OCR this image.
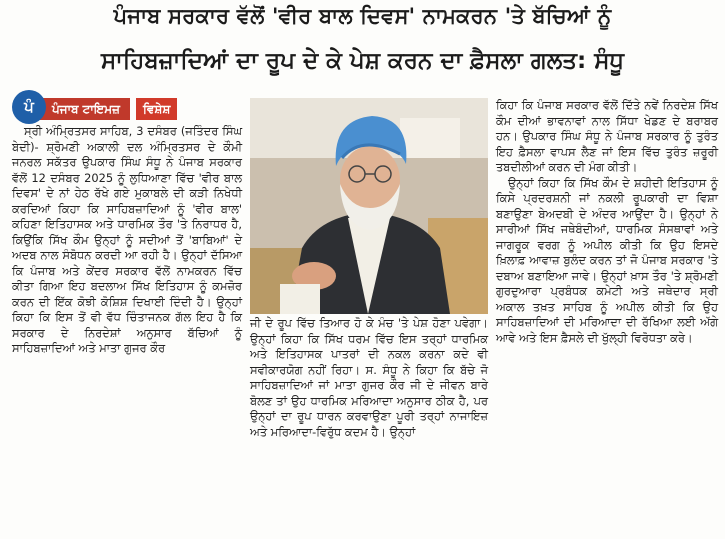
ਪੰਜਾਬ ਸਰਕਾਰ ਵੱਲੋਂ 'ਵੀਰ ਬਾਲ ਦਿਵਸ' ਨਾਮਕਰਨ 'ਤੇ ਬੱਚਿਆਂ ਨੂੰ
ਸਾਹਿਬਜ਼ਾਦਿਆਂ ਦਾ ਰੂਪ ਦੇ ਕੇ ਪੇਸ਼ ਕਰਨ ਦਾ ਫ਼ੈਸਲਾ ਗਲਤ: ਸੰਧੂ
ਪੰ	ਪੰਜਾਬ ਟਾਇਮਜ਼	ਵਿਸ਼ੇਸ਼

ਸ੍ਰੀ ਅੰਮ੍ਰਿਤਸਰ ਸਾਹਿਬ, 3 ਦਸੰਬਰ (ਜਤਿੰਦਰ ਸਿੰਘ ਬੇਦੀ)- ਸ਼੍ਰੋਮਣੀ ਅਕਾਲੀ ਦਲ ਅੰਮ੍ਰਿਤਸਰ ਦੇ ਕੌਮੀ ਜਨਰਲ ਸਕੱਤਰ ਉਪਕਾਰ ਸਿੰਘ ਸੰਧੂ ਨੇ ਪੰਜਾਬ ਸਰਕਾਰ ਵੱਲੋਂ 12 ਦਸੰਬਰ 2025 ਨੂੰ ਲੁਧਿਆਣਾ ਵਿੱਚ 'ਵੀਰ ਬਾਲ ਦਿਵਸ' ਦੇ ਨਾਂ ਹੇਠ ਰੱਖੇ ਗਏ ਮੁਕਾਬਲੇ ਦੀ ਕੜੀ ਨਿਖੇਧੀ ਕਰਦਿਆਂ ਕਿਹਾ ਕਿ ਸਾਹਿਬਜ਼ਾਦਿਆਂ ਨੂੰ 'ਵੀਰ ਬਾਲ' ਕਹਿਣਾ ਇਤਿਹਾਸਕ ਅਤੇ ਧਾਰਮਿਕ ਤੌਰ 'ਤੇ ਨਿਰਾਧਰ ਹੈ, ਕਿਉਂਕਿ ਸਿੱਖ ਕੌਮ ਉਨ੍ਹਾਂ ਨੂੰ ਸਦੀਆਂ ਤੋਂ 'ਬਾਬਿਆਂ' ਦੇ ਅਦਬ ਨਾਲ ਸੰਬੋਧਨ ਕਰਦੀ ਆ ਰਹੀ ਹੈ। ਉਨ੍ਹਾਂ ਦੱਸਿਆ ਕਿ ਪੰਜਾਬ ਅਤੇ ਕੇਂਦਰ ਸਰਕਾਰ ਵੱਲੋਂ ਨਾਮਕਰਨ ਵਿੱਚ ਕੀਤਾ ਗਿਆ ਇਹ ਬਦਲਾਅ ਸਿੱਖ ਇਤਿਹਾਸ ਨੂੰ ਕਮਜ਼ੋਰ ਕਰਨ ਦੀ ਇੱਕ ਕੋਝੀ ਕੋਸ਼ਿਸ਼ ਦਿਖਾਈ ਦਿੰਦੀ ਹੈ। ਉਨ੍ਹਾਂ ਕਿਹਾ ਕਿ ਇਸ ਤੋਂ ਵੀ ਵੱਧ ਚਿੰਤਾਜਨਕ ਗੱਲ ਇਹ ਹੈ ਕਿ ਸਰਕਾਰ ਦੇ ਨਿਰਦੇਸ਼ਾਂ ਅਨੁਸਾਰ ਬੱਚਿਆਂ ਨੂੰ ਸਾਹਿਬਜ਼ਾਦਿਆਂ ਅਤੇ ਮਾਤਾ ਗੁਜਰ ਕੌਰ

ਜੀ ਦੇ ਰੂਪ ਵਿੱਚ ਤਿਆਰ ਹੋ ਕੇ ਮੰਚ 'ਤੇ ਪੇਸ਼ ਹੋਣਾ ਪਵੇਗਾ। ਉਨ੍ਹਾਂ ਕਿਹਾ ਕਿ ਸਿੱਖ ਧਰਮ ਵਿੱਚ ਇਸ ਤਰ੍ਹਾਂ ਧਾਰਮਿਕ ਅਤੇ ਇਤਿਹਾਸਕ ਪਾਤਰਾਂ ਦੀ ਨਕਲ ਕਰਨਾ ਕਦੇ ਵੀ ਸਵੀਕਾਰਯੋਗ ਨਹੀਂ ਰਿਹਾ। ਸ. ਸੰਧੂ ਨੇ ਕਿਹਾ ਕਿ ਬੱਚੇ ਜੋ ਸਾਹਿਬਜ਼ਾਦਿਆਂ ਜਾਂ ਮਾਤਾ ਗੁਜਰ ਕੌਰ ਜੀ ਦੇ ਜੀਵਨ ਬਾਰੇ ਬੋਲਣ ਤਾਂ ਉਹ ਧਾਰਮਿਕ ਮਰਿਆਦਾ ਅਨੁਸਾਰ ਠੀਕ ਹੈ, ਪਰ ਉਨ੍ਹਾਂ ਦਾ ਰੂਪ ਧਾਰਨ ਕਰਵਾਉਣਾ ਪੂਰੀ ਤਰ੍ਹਾਂ ਨਾਜਾਇਜ਼ ਅਤੇ ਮਰਿਆਦਾ-ਵਿਰੁੱਧ ਕਦਮ ਹੈ। ਉਨ੍ਹਾਂ

ਕਿਹਾ ਕਿ ਪੰਜਾਬ ਸਰਕਾਰ ਵੱਲੋਂ ਦਿੱਤੇ ਨਵੇਂ ਨਿਰਦੇਸ਼ ਸਿੱਖ ਕੌਮ ਦੀਆਂ ਭਾਵਨਾਵਾਂ ਨਾਲ ਸਿੱਧਾ ਖੇਡਣ ਦੇ ਬਰਾਬਰ ਹਨ। ਉਪਕਾਰ ਸਿੰਘ ਸੰਧੂ ਨੇ ਪੰਜਾਬ ਸਰਕਾਰ ਨੂੰ ਤੁਰੰਤ ਇਹ ਫ਼ੈਸਲਾ ਵਾਪਸ ਲੈਣ ਜਾਂ ਇਸ ਵਿੱਚ ਤੁਰੰਤ ਜ਼ਰੂਰੀ ਤਬਦੀਲੀਆਂ ਕਰਨ ਦੀ ਮੰਗ ਕੀਤੀ।

ਉਨ੍ਹਾਂ ਕਿਹਾ ਕਿ ਸਿੱਖ ਕੌਮ ਦੇ ਸ਼ਹੀਦੀ ਇਤਿਹਾਸ ਨੂੰ ਕਿਸੇ ਪ੍ਰਦਰਸ਼ਨੀ ਜਾਂ ਨਕਲੀ ਰੂਪਕਾਰੀ ਦਾ ਵਿਸ਼ਾ ਬਣਾਉਣਾ ਬੇਅਦਬੀ ਦੇ ਅੰਦਰ ਆਉਂਦਾ ਹੈ। ਉਨ੍ਹਾਂ ਨੇ ਸਾਰੀਆਂ ਸਿੱਖ ਜਥੇਬੰਦੀਆਂ, ਧਾਰਮਿਕ ਸੰਸਥਾਵਾਂ ਅਤੇ ਜਾਗਰੂਕ ਵਰਗ ਨੂੰ ਅਪੀਲ ਕੀਤੀ ਕਿ ਉਹ ਇਸਦੇ ਖ਼ਿਲਾਫ਼ ਆਵਾਜ਼ ਬੁਲੰਦ ਕਰਨ ਤਾਂ ਜੋ ਪੰਜਾਬ ਸਰਕਾਰ 'ਤੇ ਦਬਾਅ ਬਣਾਇਆ ਜਾਵੇ। ਉਨ੍ਹਾਂ ਖ਼ਾਸ ਤੌਰ 'ਤੇ ਸ਼੍ਰੋਮਣੀ ਗੁਰਦੁਆਰਾ ਪ੍ਰਬੰਧਕ ਕਮੇਟੀ ਅਤੇ ਜਥੇਦਾਰ ਸ੍ਰੀ ਅਕਾਲ ਤਖ਼ਤ ਸਾਹਿਬ ਨੂੰ ਅਪੀਲ ਕੀਤੀ ਕਿ ਉਹ ਸਾਹਿਬਜ਼ਾਦਿਆਂ ਦੀ ਮਰਿਆਦਾ ਦੀ ਰੱਖਿਆ ਲਈ ਅੱਗੇ ਆਵੇ ਅਤੇ ਇਸ ਫ਼ੈਸਲੇ ਦੀ ਖੁੱਲ੍ਹੀ ਵਿਰੋਧਤਾ ਕਰੇ।
